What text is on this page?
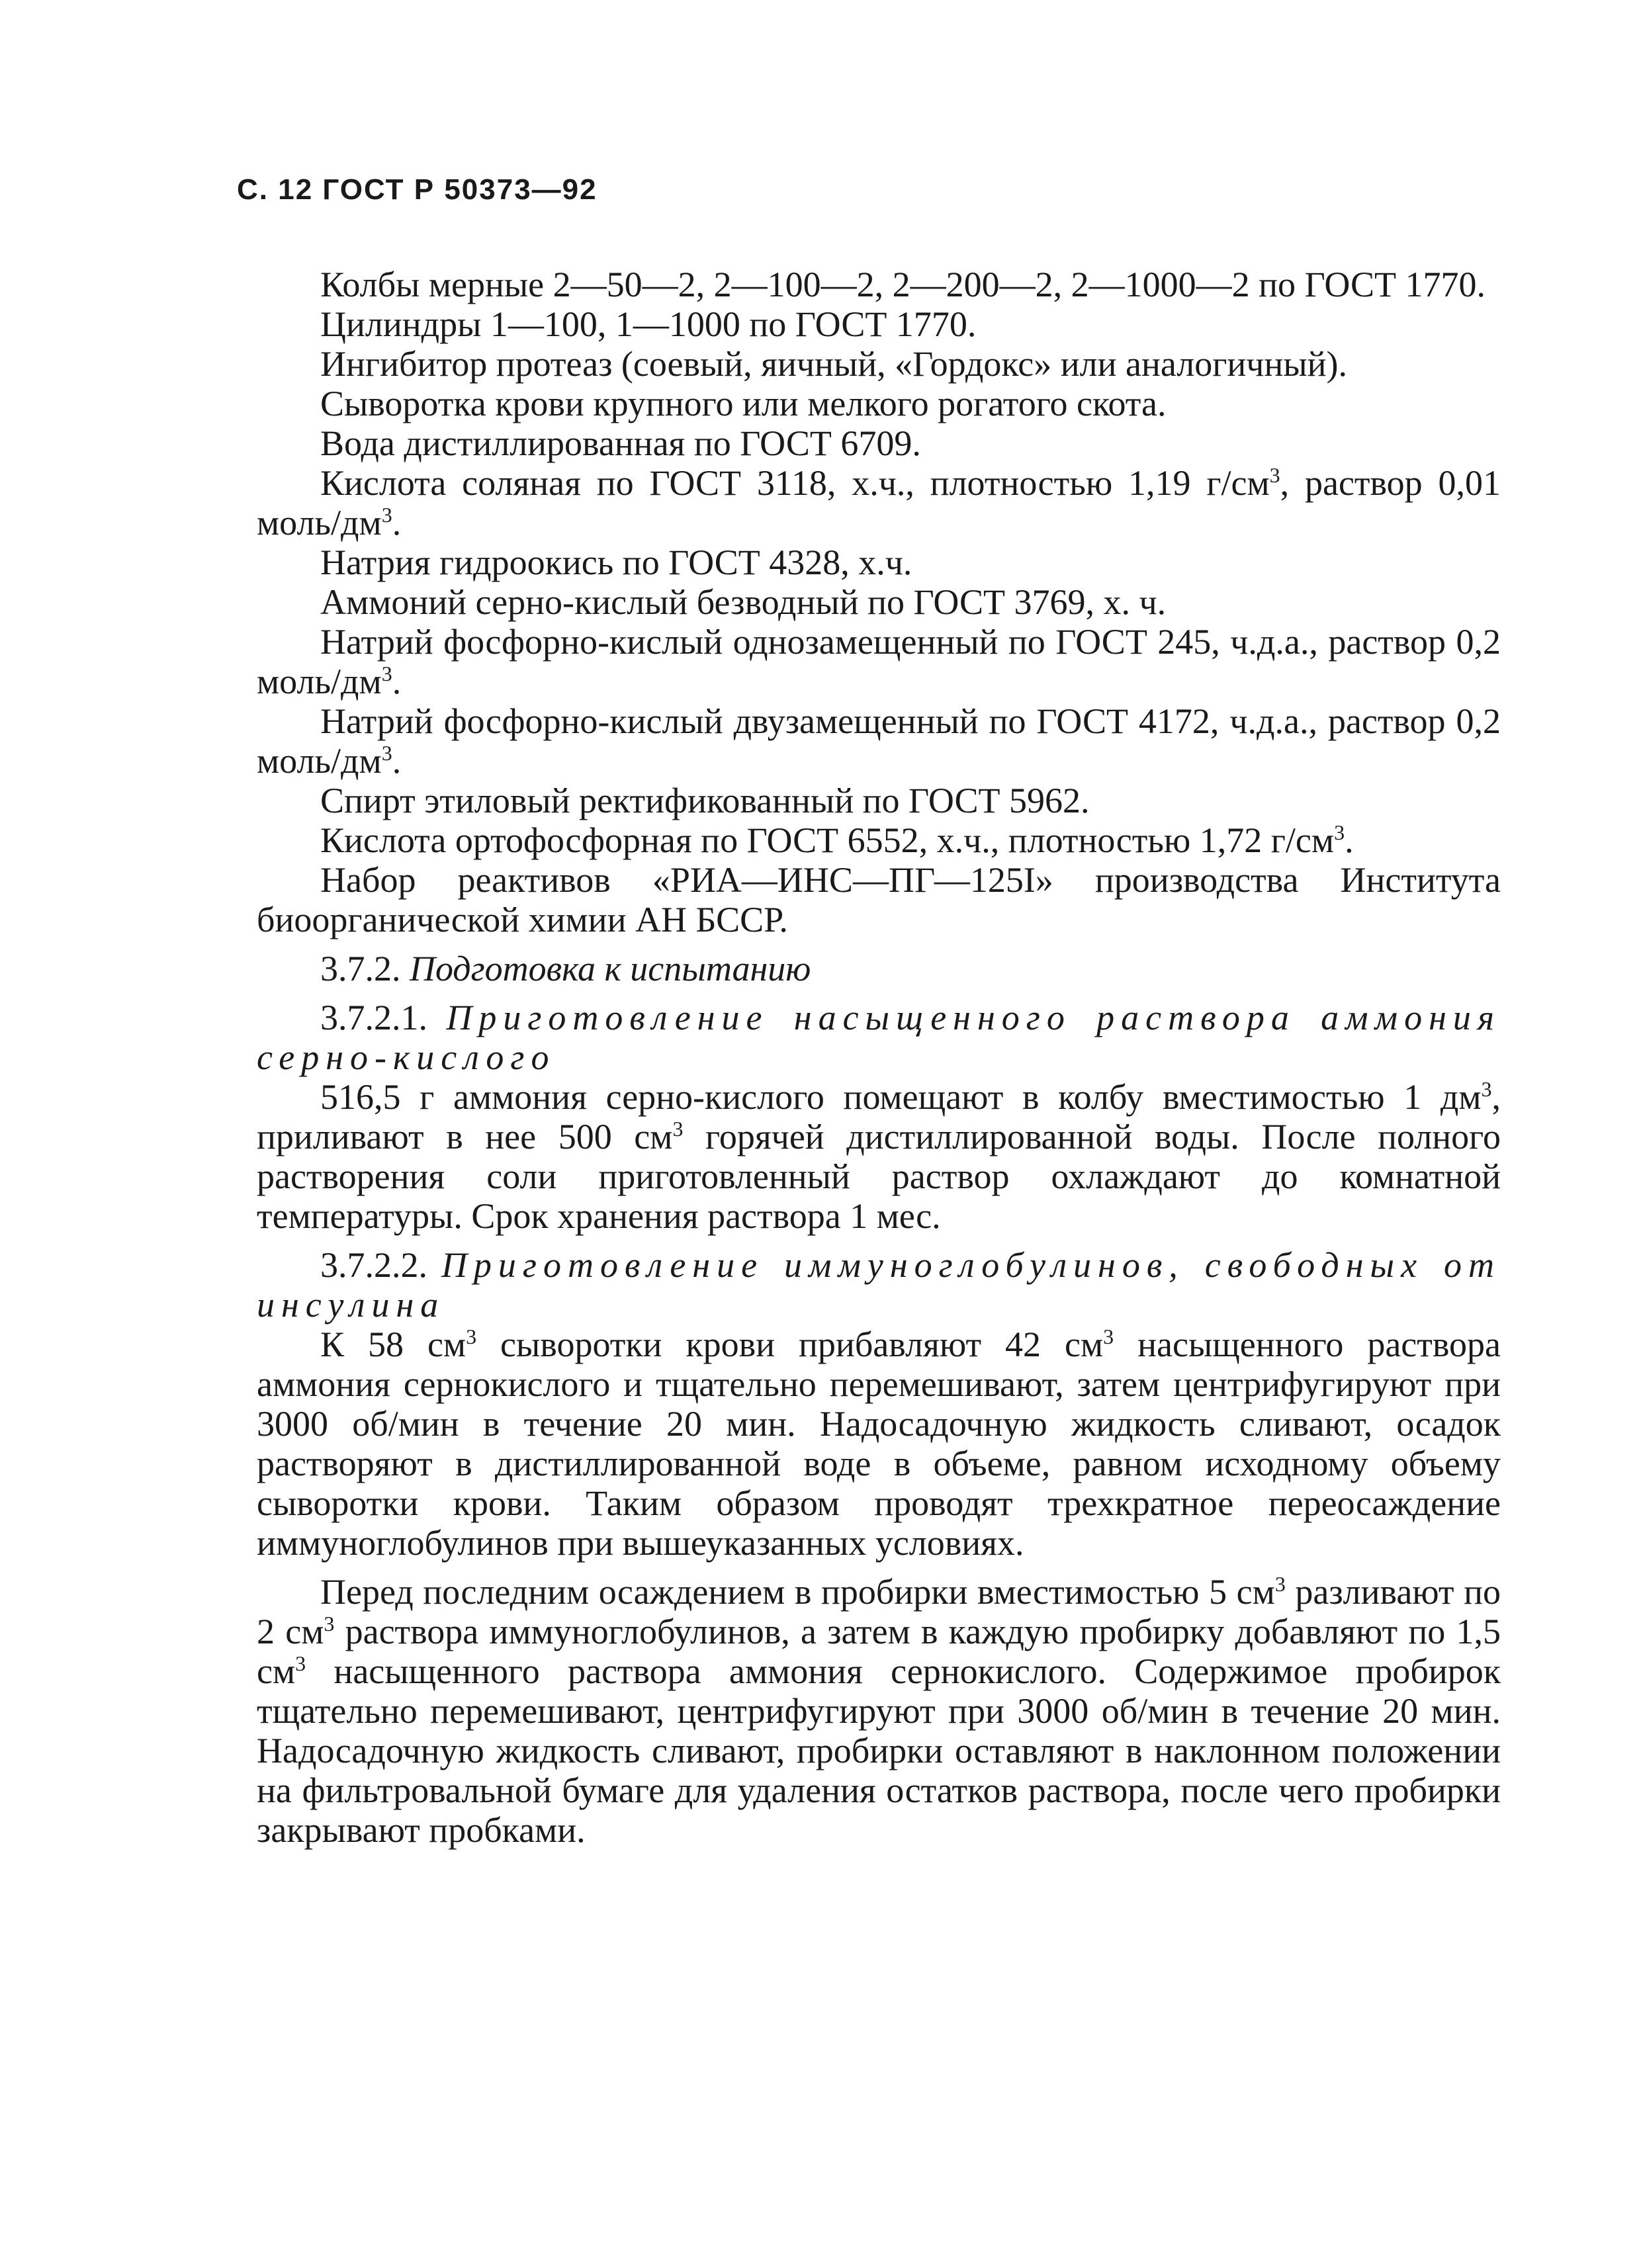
С. 12 ГОСТ Р 50373—92

Колбы мерные 2—50—2, 2—100—2, 2—200—2, 2—1000—2 по ГОСТ 1770.

Цилиндры 1—100, 1—1000 по ГОСТ 1770.

Ингибитор протеаз (соевый, яичный, «Гордокс» или аналогичный).

Сыворотка крови крупного или мелкого рогатого скота.

Вода дистиллированная по ГОСТ 6709.

Кислота соляная по ГОСТ 3118, х.ч., плотностью 1,19 $г/см^3$, раствор 0,01 моль/$дм^3$.

Натрия гидроокись по ГОСТ 4328, х.ч.

Аммоний серно-кислый безводный по ГОСТ 3769, х. ч.

Натрий фосфорно-кислый однозамещенный по ГОСТ 245, ч.д.а., раствор 0,2 моль/$дм^3$.

Натрий фосфорно-кислый двузамещенный по ГОСТ 4172, ч.д.а., раствор 0,2 моль/$дм^3$.

Спирт этиловый ректификованный по ГОСТ 5962.

Кислота ортофосфорная по ГОСТ 6552, х.ч., плотностью 1,72 $г/см^3$.

Набор реактивов «РИА—ИНС—ПГ—125I» производства Института биоорганической химии АН БССР.

3.7.2. Подготовка к испытанию

3.7.2.1. Приготовление насыщенного раствора аммония серно-кислого

516,5 г аммония серно-кислого помещают в колбу вместимостью 1 $дм^3$, приливают в нее 500 $см^3$ горячей дистиллированной воды. После полного растворения соли приготовленный раствор охлаждают до комнатной температуры. Срок хранения раствора 1 мес.

3.7.2.2. Приготовление иммуноглобулинов, свободных от инсулина

К 58 $см^3$ сыворотки крови прибавляют 42 $см^3$ насыщенного раствора аммония сернокислого и тщательно перемешивают, затем центрифугируют при 3000 об/мин в течение 20 мин. Надосадочную жидкость сливают, осадок растворяют в дистиллированной воде в объеме, равном исходному объему сыворотки крови. Таким образом проводят трехкратное переосаждение иммуноглобулинов при вышеуказанных условиях.

Перед последним осаждением в пробирки вместимостью 5 $см^3$ разливают по 2 $см^3$ раствора иммуноглобулинов, а затем в каждую пробирку добавляют по 1,5 $см^3$ насыщенного раствора аммония сернокислого. Содержимое пробирок тщательно перемешивают, центрифугируют при 3000 об/мин в течение 20 мин. Надосадочную жидкость сливают, пробирки оставляют в наклонном положении на фильтровальной бумаге для удаления остатков раствора, после чего пробирки закрывают пробками.
